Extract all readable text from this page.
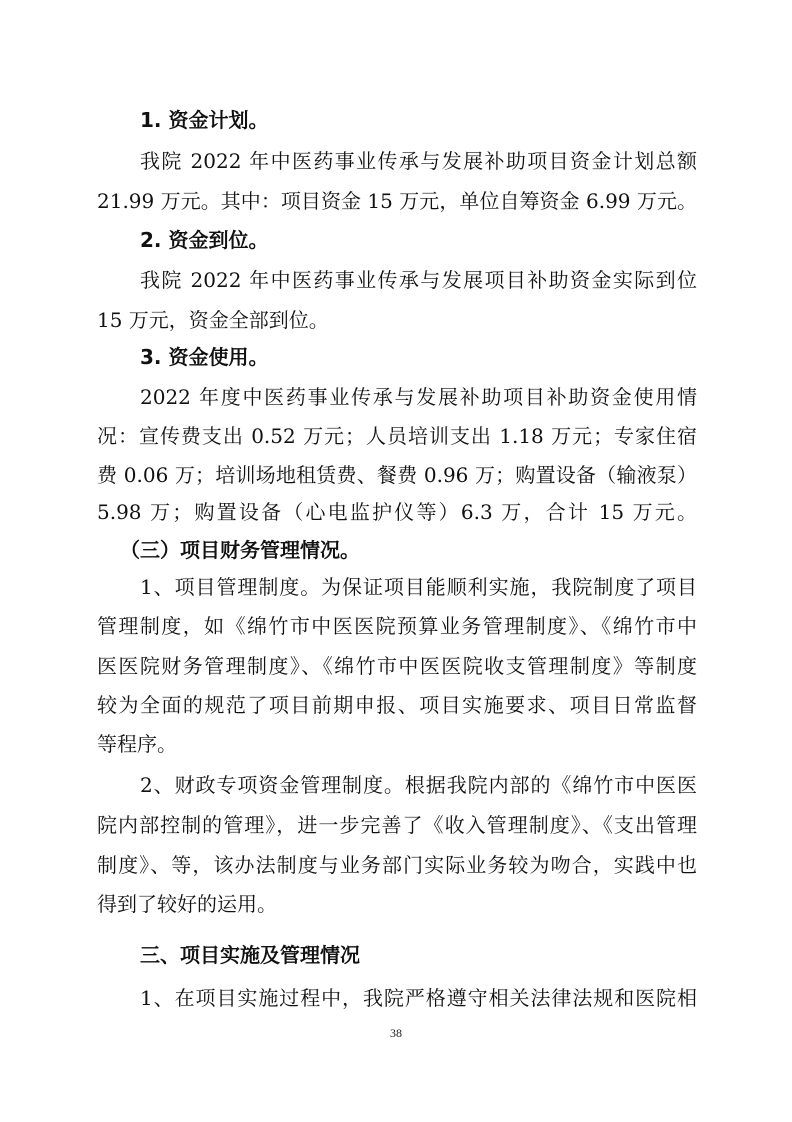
1. 资金计划。
我院 2022 年中医药事业传承与发展补助项目资金计划总额
21.99 万元。其中：项目资金 15 万元，单位自筹资金 6.99 万元。
2. 资金到位。
我院 2022 年中医药事业传承与发展项目补助资金实际到位
15 万元，资金全部到位。
3. 资金使用。
2022 年度中医药事业传承与发展补助项目补助资金使用情
况：宣传费支出 0.52 万元；人员培训支出 1.18 万元；专家住宿
费 0.06 万；培训场地租赁费、餐费 0.96 万；购置设备（输液泵）
5.98 万；购置设备（心电监护仪等）6.3 万，合计 15 万元。
（三）项目财务管理情况。
1、项目管理制度。为保证项目能顺利实施，我院制度了项目
管理制度，如《绵竹市中医医院预算业务管理制度》、《绵竹市中
医医院财务管理制度》、《绵竹市中医医院收支管理制度》等制度
较为全面的规范了项目前期申报、项目实施要求、项目日常监督
等程序。
2、财政专项资金管理制度。根据我院内部的《绵竹市中医医
院内部控制的管理》，进一步完善了《收入管理制度》、《支出管理
制度》、等，该办法制度与业务部门实际业务较为吻合，实践中也
得到了较好的运用。
三、项目实施及管理情况
1、在项目实施过程中，我院严格遵守相关法律法规和医院相
38
